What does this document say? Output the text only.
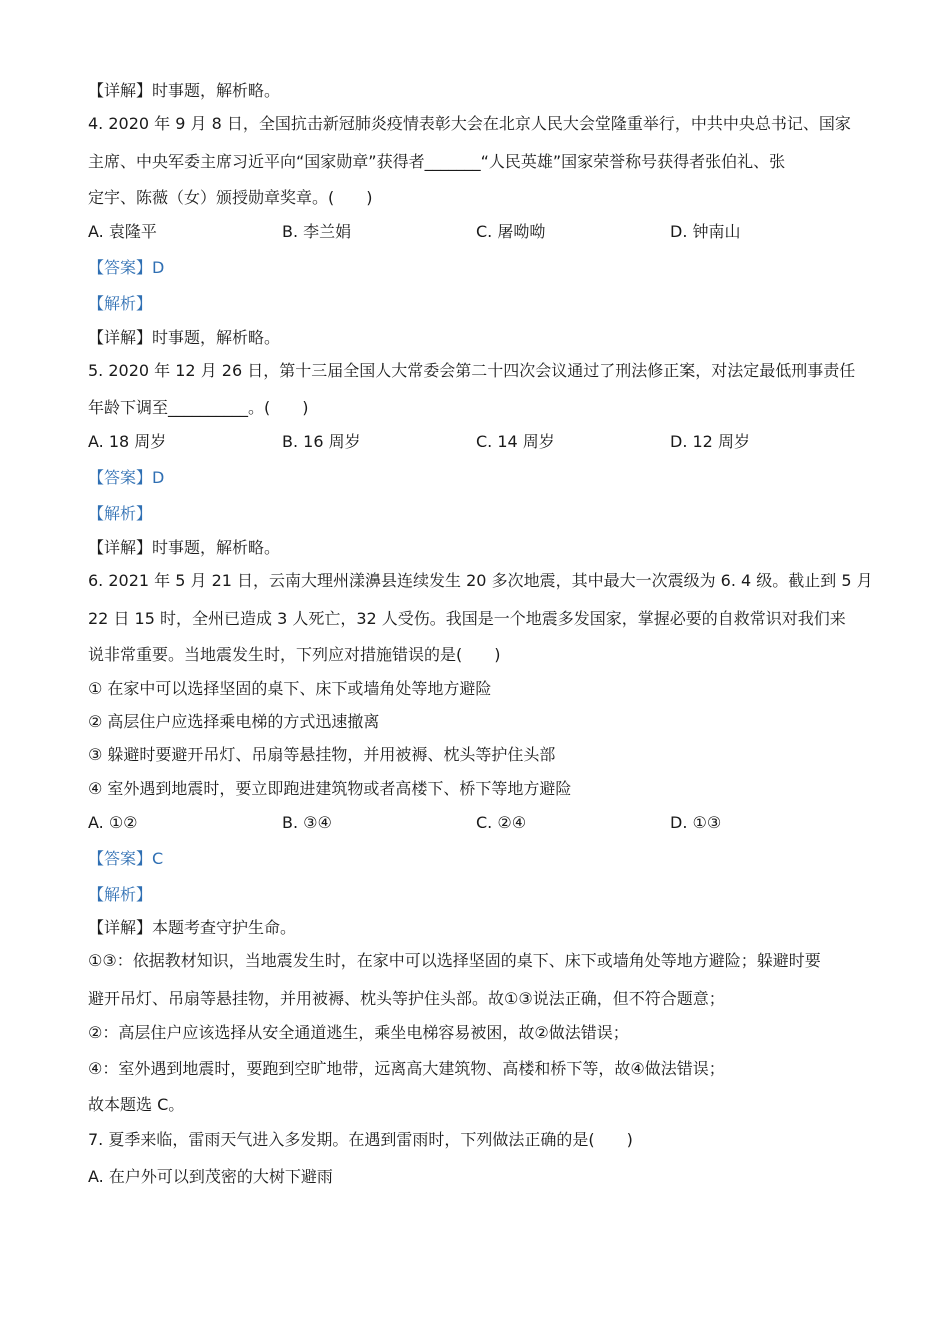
【详解】时事题，解析略。
4. 2020 年 9 月 8 日，全国抗击新冠肺炎疫情表彰大会在北京人民大会堂隆重举行，中共中央总书记、国家
主席、中央军委主席习近平向“国家勋章”获得者_______“人民英雄”国家荣誉称号获得者张伯礼、张
定宇、陈薇（女）颁授勋章奖章。(　　)
A. 袁隆平	B. 李兰娟	C. 屠呦呦	D. 钟南山
【答案】D
【解析】
【详解】时事题，解析略。
5. 2020 年 12 月 26 日，第十三届全国人大常委会第二十四次会议通过了刑法修正案，对法定最低刑事责任
年龄下调至__________。(　　)
A. 18 周岁	B. 16 周岁	C. 14 周岁	D. 12 周岁
【答案】D
【解析】
【详解】时事题，解析略。
6. 2021 年 5 月 21 日，云南大理州漾濞县连续发生 20 多次地震，其中最大一次震级为 6. 4 级。截止到 5 月
22 日 15 时，全州已造成 3 人死亡，32 人受伤。我国是一个地震多发国家，掌握必要的自救常识对我们来
说非常重要。当地震发生时，下列应对措施错误的是(　　)
① 在家中可以选择坚固的桌下、床下或墙角处等地方避险
② 高层住户应选择乘电梯的方式迅速撤离
③ 躲避时要避开吊灯、吊扇等悬挂物，并用被褥、枕头等护住头部
④ 室外遇到地震时，要立即跑进建筑物或者高楼下、桥下等地方避险
A. ①②	B. ③④	C. ②④	D. ①③
【答案】C
【解析】
【详解】本题考查守护生命。
①③：依据教材知识，当地震发生时，在家中可以选择坚固的桌下、床下或墙角处等地方避险；躲避时要
避开吊灯、吊扇等悬挂物，并用被褥、枕头等护住头部。故①③说法正确，但不符合题意；
②：高层住户应该选择从安全通道逃生，乘坐电梯容易被困，故②做法错误；
④：室外遇到地震时，要跑到空旷地带，远离高大建筑物、高楼和桥下等，故④做法错误；
故本题选 C。
7. 夏季来临，雷雨天气进入多发期。在遇到雷雨时，下列做法正确的是(　　)
A. 在户外可以到茂密的大树下避雨
